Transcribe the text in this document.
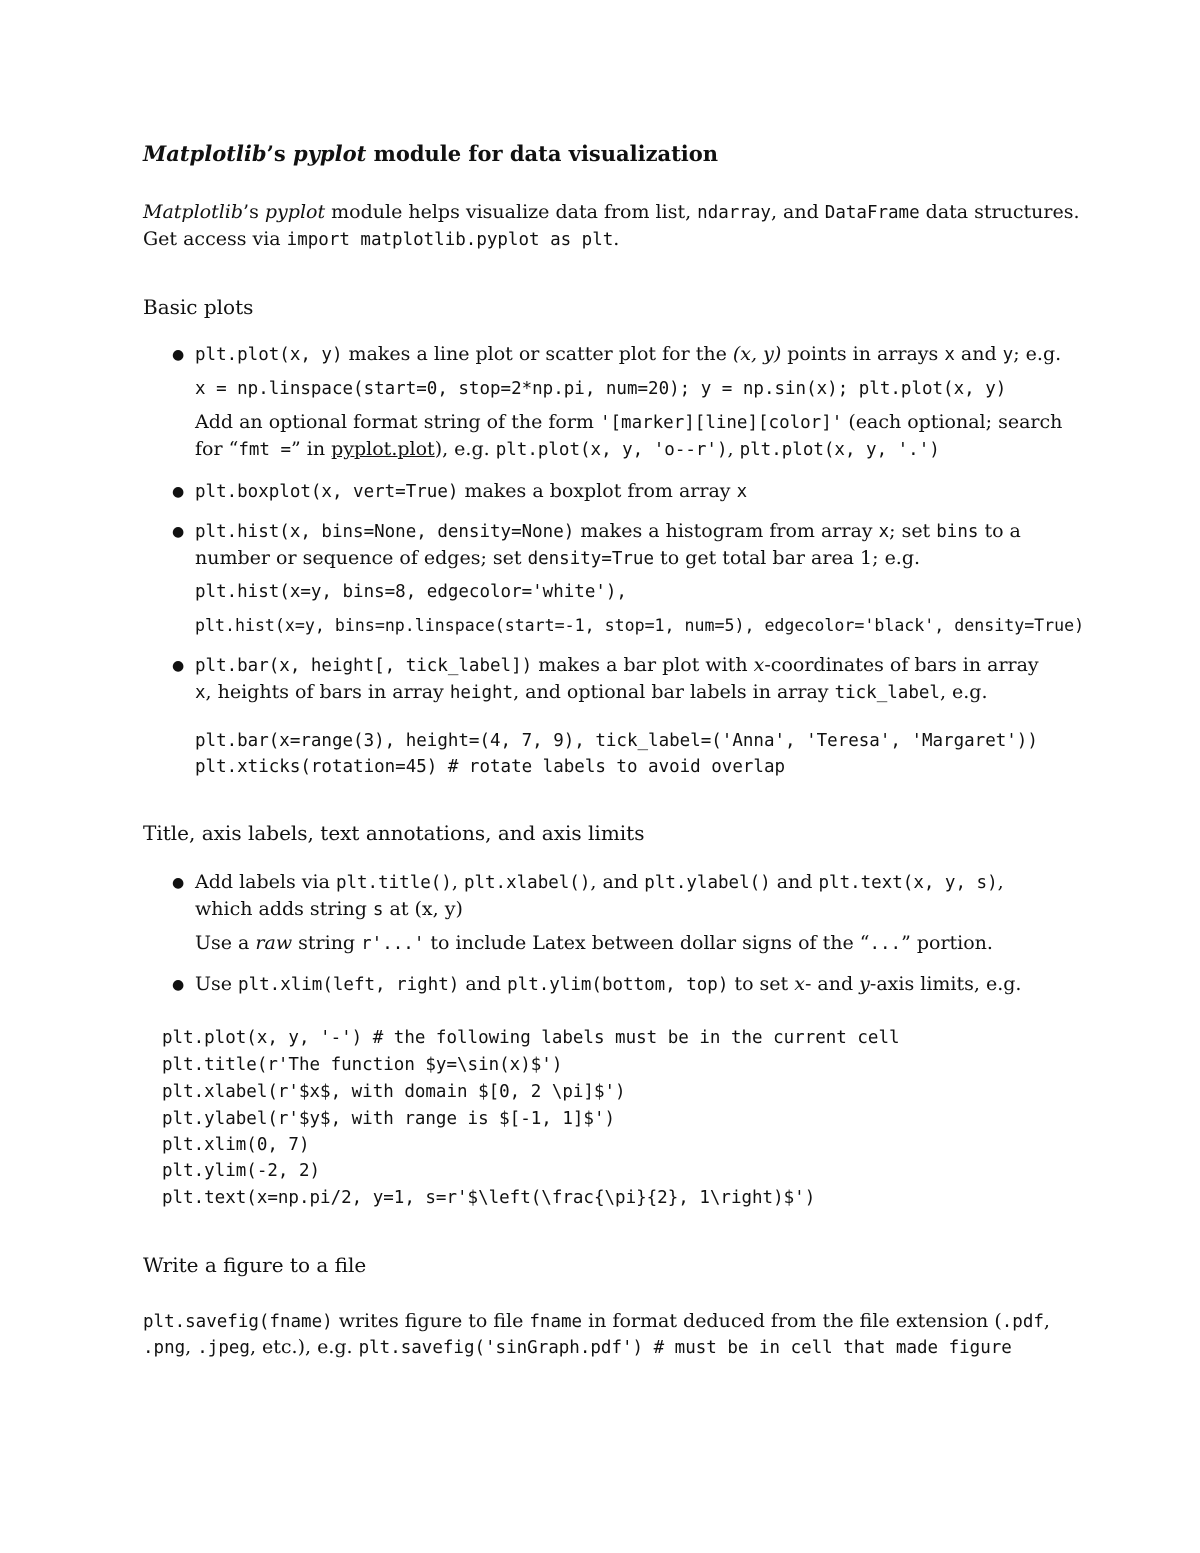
Matplotlib’s pyplot module for data visualization
Matplotlib’s pyplot module helps visualize data from list, ndarray, and DataFrame data structures.
Get access via import matplotlib.pyplot as plt.
Basic plots
● plt.plot(x, y) makes a line plot or scatter plot for the (x, y) points in arrays x and y; e.g.
x = np.linspace(start=0, stop=2*np.pi, num=20); y = np.sin(x); plt.plot(x, y)
Add an optional format string of the form '[marker][line][color]' (each optional; search
for “fmt =” in pyplot.plot), e.g. plt.plot(x, y, 'o--r'), plt.plot(x, y, '.')
● plt.boxplot(x, vert=True) makes a boxplot from array x
● plt.hist(x, bins=None, density=None) makes a histogram from array x; set bins to a
number or sequence of edges; set density=True to get total bar area 1; e.g.
plt.hist(x=y, bins=8, edgecolor='white'),
plt.hist(x=y, bins=np.linspace(start=-1, stop=1, num=5), edgecolor='black', density=True)
● plt.bar(x, height[, tick_label]) makes a bar plot with x-coordinates of bars in array
x, heights of bars in array height, and optional bar labels in array tick_label, e.g.
plt.bar(x=range(3), height=(4, 7, 9), tick_label=('Anna', 'Teresa', 'Margaret'))
plt.xticks(rotation=45) # rotate labels to avoid overlap
Title, axis labels, text annotations, and axis limits
● Add labels via plt.title(), plt.xlabel(), and plt.ylabel() and plt.text(x, y, s),
which adds string s at (x, y)
Use a raw string r'...' to include Latex between dollar signs of the “...” portion.
● Use plt.xlim(left, right) and plt.ylim(bottom, top) to set x- and y-axis limits, e.g.
plt.plot(x, y, '-') # the following labels must be in the current cell
plt.title(r'The function $y=\sin(x)$')
plt.xlabel(r'$x$, with domain $[0, 2 \pi]$')
plt.ylabel(r'$y$, with range is $[-1, 1]$')
plt.xlim(0, 7)
plt.ylim(-2, 2)
plt.text(x=np.pi/2, y=1, s=r'$\left(\frac{\pi}{2}, 1\right)$')
Write a figure to a file
plt.savefig(fname) writes figure to file fname in format deduced from the file extension (.pdf,
.png, .jpeg, etc.), e.g. plt.savefig('sinGraph.pdf') # must be in cell that made figure
